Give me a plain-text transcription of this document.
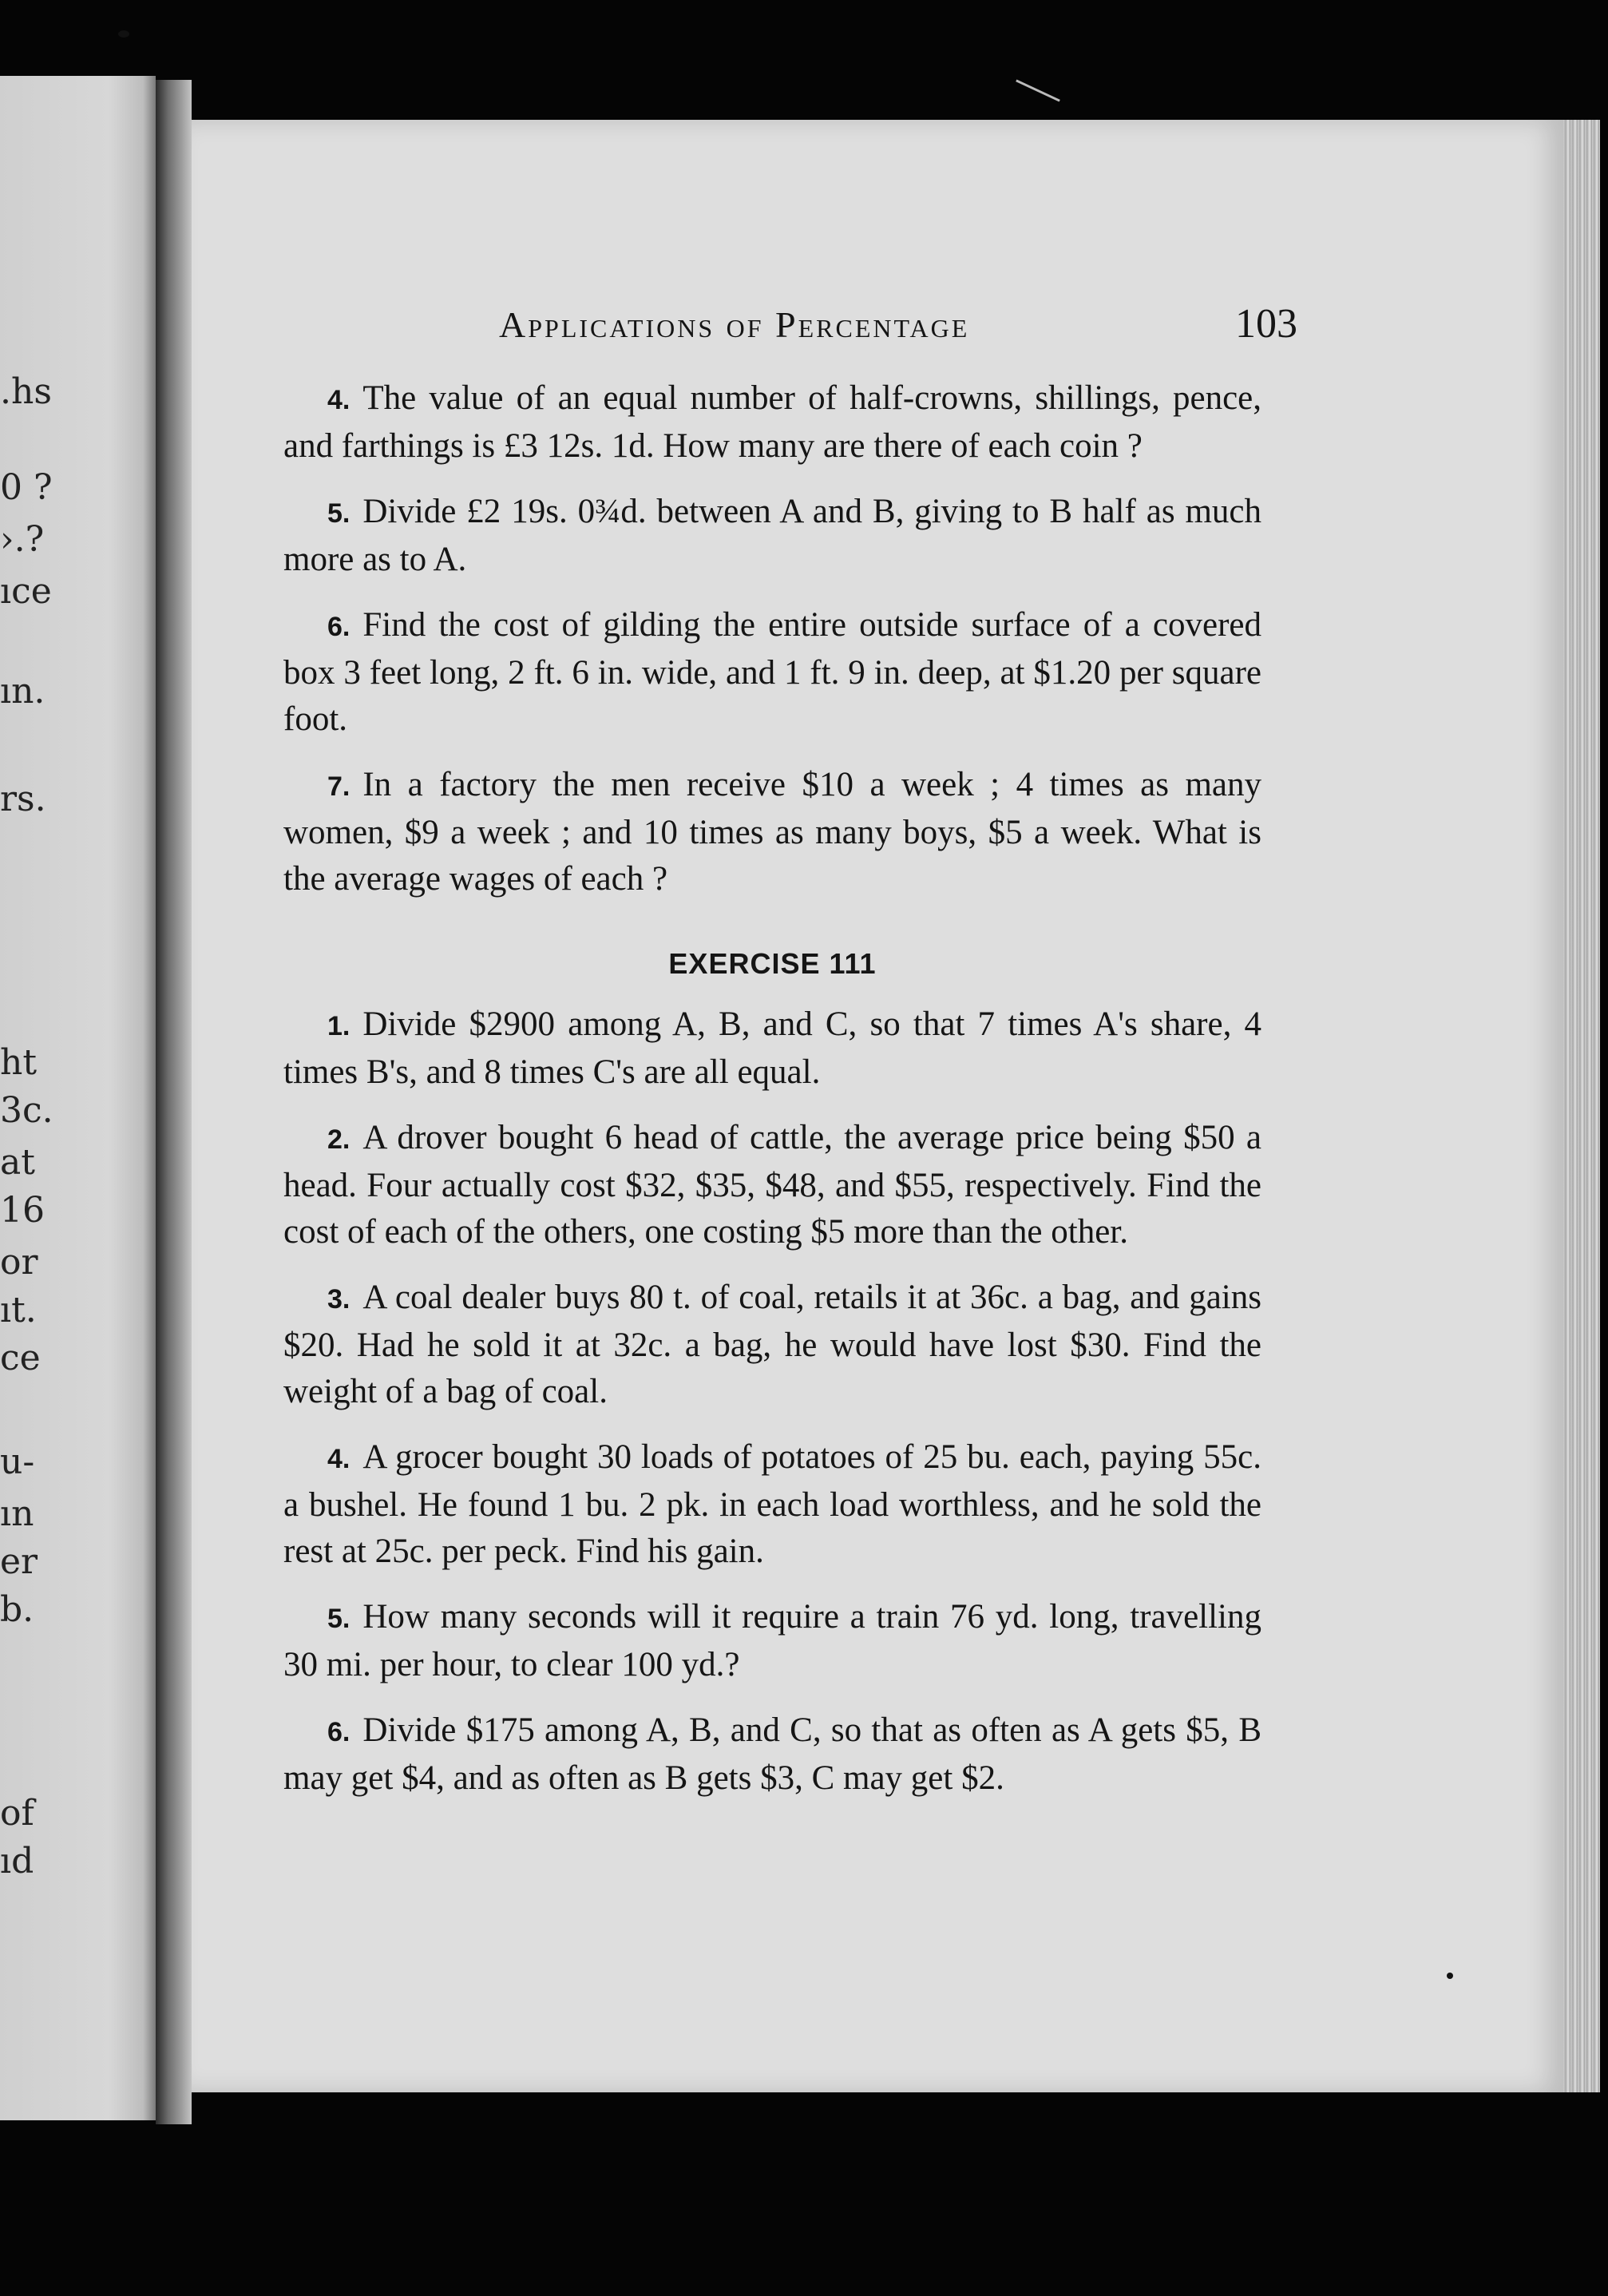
.hs
0 ?
›.?
ıce
ın.
rs.
ht
3c.
at
16
or
ıt.
ce
u-
ın
er
b.
of
ıd
Applications of Percentage	103

4. The value of an equal number of half-crowns, shillings, pence, and farthings is £3 12s. 1d. How many are there of each coin ?

5. Divide £2 19s. 0¾d. between A and B, giving to B half as much more as to A.

6. Find the cost of gilding the entire outside surface of a covered box 3 feet long, 2 ft. 6 in. wide, and 1 ft. 9 in. deep, at $1.20 per square foot.

7. In a factory the men receive $10 a week ; 4 times as many women, $9 a week ; and 10 times as many boys, $5 a week. What is the average wages of each ?

EXERCISE 111

1. Divide $2900 among A, B, and C, so that 7 times A's share, 4 times B's, and 8 times C's are all equal.

2. A drover bought 6 head of cattle, the average price being $50 a head. Four actually cost $32, $35, $48, and $55, respectively. Find the cost of each of the others, one costing $5 more than the other.

3. A coal dealer buys 80 t. of coal, retails it at 36c. a bag, and gains $20. Had he sold it at 32c. a bag, he would have lost $30. Find the weight of a bag of coal.

4. A grocer bought 30 loads of potatoes of 25 bu. each, paying 55c. a bushel. He found 1 bu. 2 pk. in each load worthless, and he sold the rest at 25c. per peck. Find his gain.

5. How many seconds will it require a train 76 yd. long, travelling 30 mi. per hour, to clear 100 yd.?

6. Divide $175 among A, B, and C, so that as often as A gets $5, B may get $4, and as often as B gets $3, C may get $2.
